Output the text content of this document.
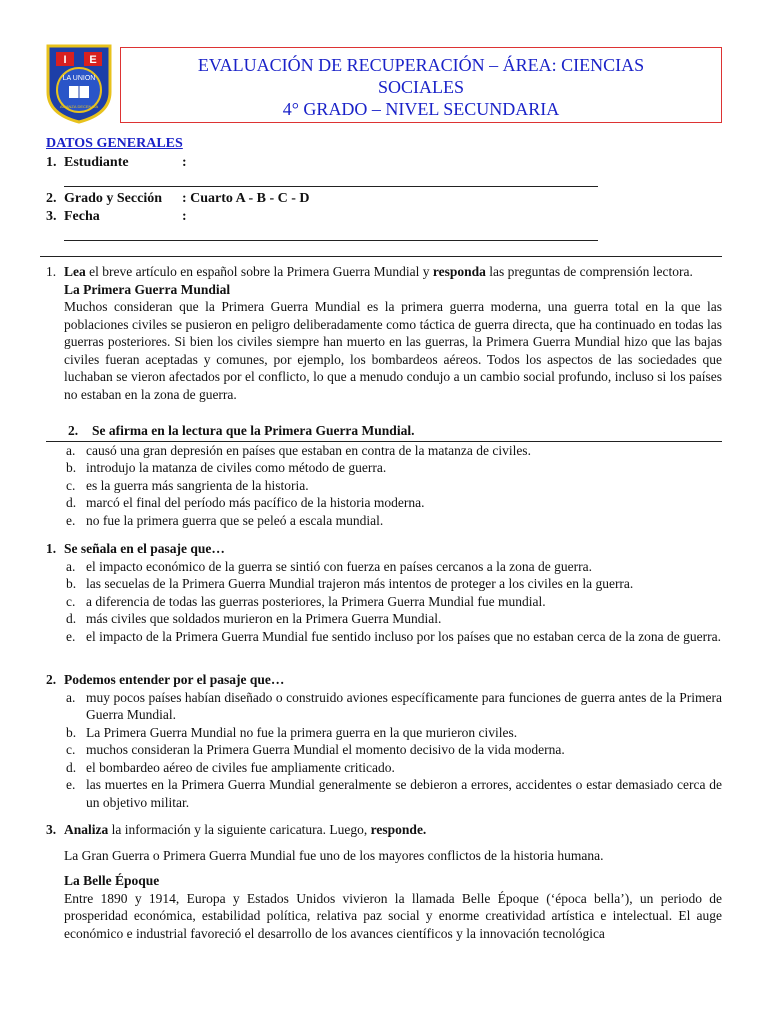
I E
LA UNION
ALIANZA DECENCIA
EVALUACIÓN DE RECUPERACIÓN – ÁREA: CIENCIAS
SOCIALES
4° GRADO – NIVEL SECUNDARIA
DATOS GENERALES
1. Estudiante	:
2. Grado y Sección : Cuarto A - B - C - D
3. Fecha	:
1. Lea el breve artículo en español sobre la Primera Guerra Mundial y responda las preguntas de comprensión lectora.
La Primera Guerra Mundial
Muchos consideran que la Primera Guerra Mundial es la primera guerra moderna, una guerra total en la que las poblaciones civiles se pusieron en peligro deliberadamente como táctica de guerra directa, que ha continuado en todas las guerras posteriores. Si bien los civiles siempre han muerto en las guerras, la Primera Guerra Mundial hizo que las bajas civiles fueran aceptadas y comunes, por ejemplo, los bombardeos aéreos. Todos los aspectos de las sociedades que luchaban se vieron afectados por el conflicto, lo que a menudo condujo a un cambio social profundo, incluso si los países no estaban en la zona de guerra.
2. Se afirma en la lectura que la Primera Guerra Mundial.
a. causó una gran depresión en países que estaban en contra de la matanza de civiles.
b. introdujo la matanza de civiles como método de guerra.
c. es la guerra más sangrienta de la historia.
d. marcó el final del período más pacífico de la historia moderna.
e. no fue la primera guerra que se peleó a escala mundial.
1. Se señala en el pasaje que…
a. el impacto económico de la guerra se sintió con fuerza en países cercanos a la zona de guerra.
b. las secuelas de la Primera Guerra Mundial trajeron más intentos de proteger a los civiles en la guerra.
c. a diferencia de todas las guerras posteriores, la Primera Guerra Mundial fue mundial.
d. más civiles que soldados murieron en la Primera Guerra Mundial.
e. el impacto de la Primera Guerra Mundial fue sentido incluso por los países que no estaban cerca de la zona de guerra.
2. Podemos entender por el pasaje que…
a. muy pocos países habían diseñado o construido aviones específicamente para funciones de guerra antes de la Primera Guerra Mundial.
b. La Primera Guerra Mundial no fue la primera guerra en la que murieron civiles.
c. muchos consideran la Primera Guerra Mundial el momento decisivo de la vida moderna.
d. el bombardeo aéreo de civiles fue ampliamente criticado.
e. las muertes en la Primera Guerra Mundial generalmente se debieron a errores, accidentes o estar demasiado cerca de un objetivo militar.
3. Analiza la información y la siguiente caricatura. Luego, responde.
La Gran Guerra o Primera Guerra Mundial fue uno de los mayores conflictos de la historia humana.
La Belle Époque
Entre 1890 y 1914, Europa y Estados Unidos vivieron la llamada Belle Époque (‘época bella’), un periodo de prosperidad económica, estabilidad política, relativa paz social y enorme creatividad artística e intelectual. El auge económico e industrial favoreció el desarrollo de los avances científicos y la innovación tecnológica
